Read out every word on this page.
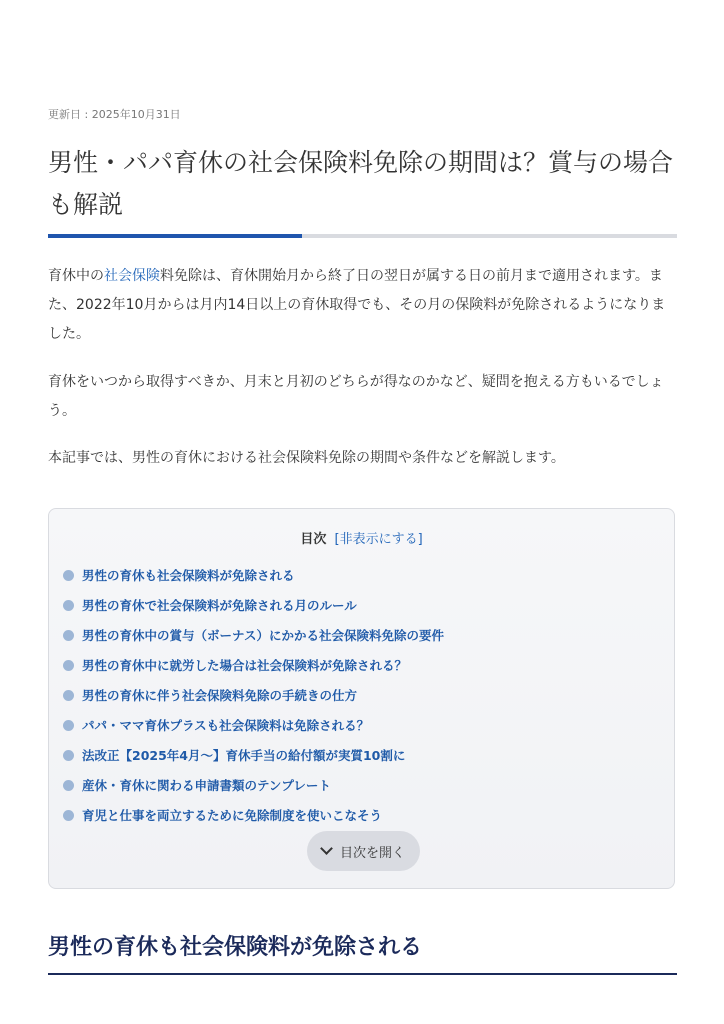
更新日 : 2025年10月31日
男性・パパ育休の社会保険料免除の期間は？賞与の場合も解説

育休中の社会保険料免除は、育休開始月から終了日の翌日が属する日の前月まで適用されます。また、2022年10月からは月内14日以上の育休取得でも、その月の保険料が免除されるようになりました。

育休をいつから取得すべきか、月末と月初のどちらが得なのかなど、疑問を抱える方もいるでしょう。

本記事では、男性の育休における社会保険料免除の期間や条件などを解説します。

目次 [非表示にする]
男性の育休も社会保険料が免除される
男性の育休で社会保険料が免除される月のルール
男性の育休中の賞与（ボーナス）にかかる社会保険料免除の要件
男性の育休中に就労した場合は社会保険料が免除される？
男性の育休に伴う社会保険料免除の手続きの仕方
パパ・ママ育休プラスも社会保険料は免除される？
法改正【2025年4月～】育休手当の給付額が実質10割に
産休・育休に関わる申請書類のテンプレート
育児と仕事を両立するために免除制度を使いこなそう
目次を開く
男性の育休も社会保険料が免除される
